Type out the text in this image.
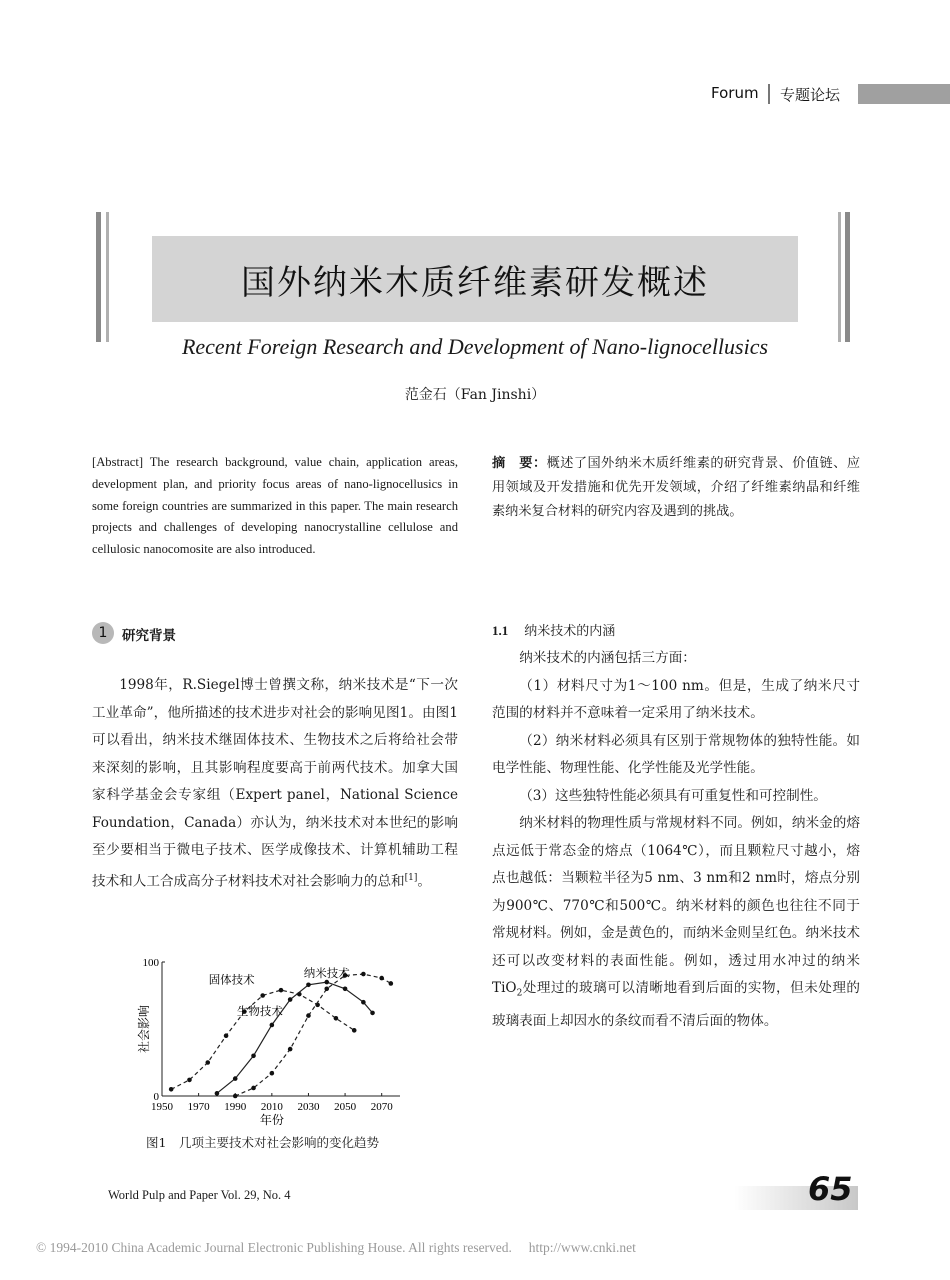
Forum 专题论坛
国外纳米木质纤维素研发概述
Recent Foreign Research and Development of Nano-lignocellusics
范金石（Fan Jinshi）
[Abstract] The research background, value chain, application areas, development plan, and priority focus areas of nano-lignocellusics in some foreign countries are summarized in this paper. The main research projects and challenges of developing nanocrystalline cellulose and cellulosic nanocomosite are also introduced.
摘　要：概述了国外纳米木质纤维素的研究背景、价值链、应用领域及开发措施和优先开发领域，介绍了纤维素纳晶和纤维素纳米复合材料的研究内容及遇到的挑战。
1	研究背景

1998年，R.Siegel博士曾撰文称，纳米技术是“下一次工业革命”，他所描述的技术进步对社会的影响见图1。由图1可以看出，纳米技术继固体技术、生物技术之后将给社会带来深刻的影响，且其影响程度要高于前两代技术。加拿大国家科学基金会专家组（Expert panel，National Science Foundation，Canada）亦认为，纳米技术对本世纪的影响至少要相当于微电子技术、医学成像技术、计算机辅助工程技术和人工合成高分子材料技术对社会影响力的总和[1]。

1950 1970 1990 2010 2030 2050 2070
0
100
年份
社会影响
固体技术
生物技术
纳米技术
图1　几项主要技术对社会影响的变化趋势
1.1 纳米技术的内涵

纳米技术的内涵包括三方面：

（1）材料尺寸为1～100 nm。但是，生成了纳米尺寸范围的材料并不意味着一定采用了纳米技术。

（2）纳米材料必须具有区别于常规物体的独特性能。如电学性能、物理性能、化学性能及光学性能。

（3）这些独特性能必须具有可重复性和可控制性。

纳米材料的物理性质与常规材料不同。例如，纳米金的熔点远低于常态金的熔点（1064℃），而且颗粒尺寸越小，熔点也越低：当颗粒半径为5 nm、3 nm和2 nm时，熔点分别为900℃、770℃和500℃。纳米材料的颜色也往往不同于常规材料。例如，金是黄色的，而纳米金则呈红色。纳米技术还可以改变材料的表面性能。例如，透过用水冲过的纳米TiO$_2$处理过的玻璃可以清晰地看到后面的实物，但未处理的玻璃表面上却因水的条纹而看不清后面的物体。

World Pulp and Paper Vol. 29, No. 4	65
© 1994-2010 China Academic Journal Electronic Publishing House. All rights reserved.　 http://www.cnki.net
